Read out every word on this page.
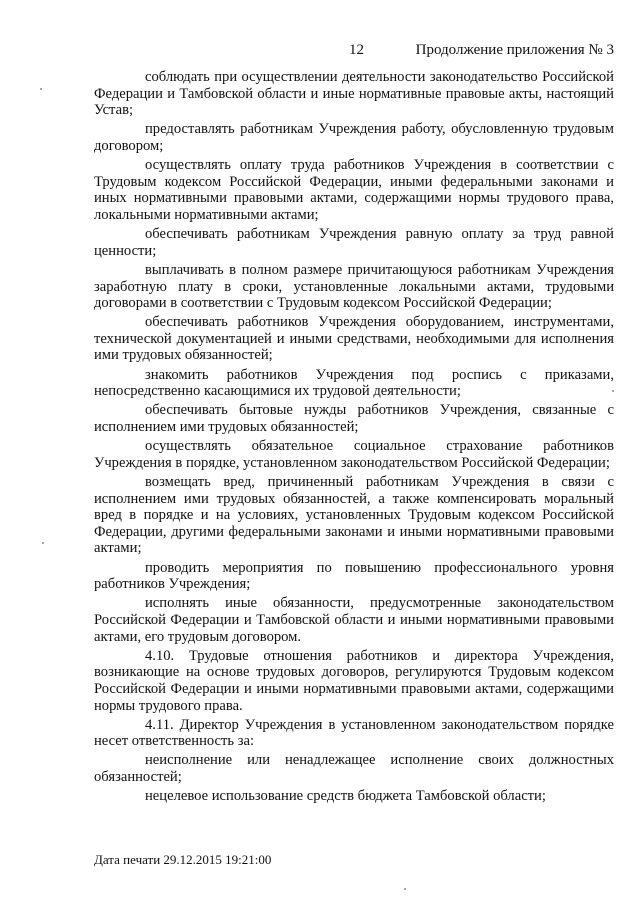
12	Продолжение приложения № 3

соблюдать при осуществлении деятельности законодательство Российской Федерации и Тамбовской области и иные нормативные правовые акты, настоящий Устав;

предоставлять работникам Учреждения работу, обусловленную трудовым договором;

осуществлять оплату труда работников Учреждения в соответствии с Трудовым кодексом Российской Федерации, иными федеральными законами и иных нормативными правовыми актами, содержащими нормы трудового права, локальными нормативными актами;

обеспечивать работникам Учреждения равную оплату за труд равной ценности;

выплачивать в полном размере причитающуюся работникам Учреждения заработную плату в сроки, установленные локальными актами, трудовыми договорами в соответствии с Трудовым кодексом Российской Федерации;

обеспечивать работников Учреждения оборудованием, инструментами, технической документацией и иными средствами, необходимыми для исполнения ими трудовых обязанностей;

знакомить работников Учреждения под роспись с приказами, непосредственно касающимися их трудовой деятельности;

обеспечивать бытовые нужды работников Учреждения, связанные с исполнением ими трудовых обязанностей;

осуществлять обязательное социальное страхование работников Учреждения в порядке, установленном законодательством Российской Федерации;

возмещать вред, причиненный работникам Учреждения в связи с исполнением ими трудовых обязанностей, а также компенсировать моральный вред в порядке и на условиях, установленных Трудовым кодексом Российской Федерации, другими федеральными законами и иными нормативными правовыми актами;

проводить мероприятия по повышению профессионального уровня работников Учреждения;

исполнять иные обязанности, предусмотренные законодательством Российской Федерации и Тамбовской области и иными нормативными правовыми актами, его трудовым договором.

4.10. Трудовые отношения работников и директора Учреждения, возникающие на основе трудовых договоров, регулируются Трудовым кодексом Российской Федерации и иными нормативными правовыми актами, содержащими нормы трудового права.

4.11. Директор Учреждения в установленном законодательством порядке несет ответственность за:

неисполнение или ненадлежащее исполнение своих должностных обязанностей;

нецелевое использование средств бюджета Тамбовской области;

Дата печати 29.12.2015 19:21:00
